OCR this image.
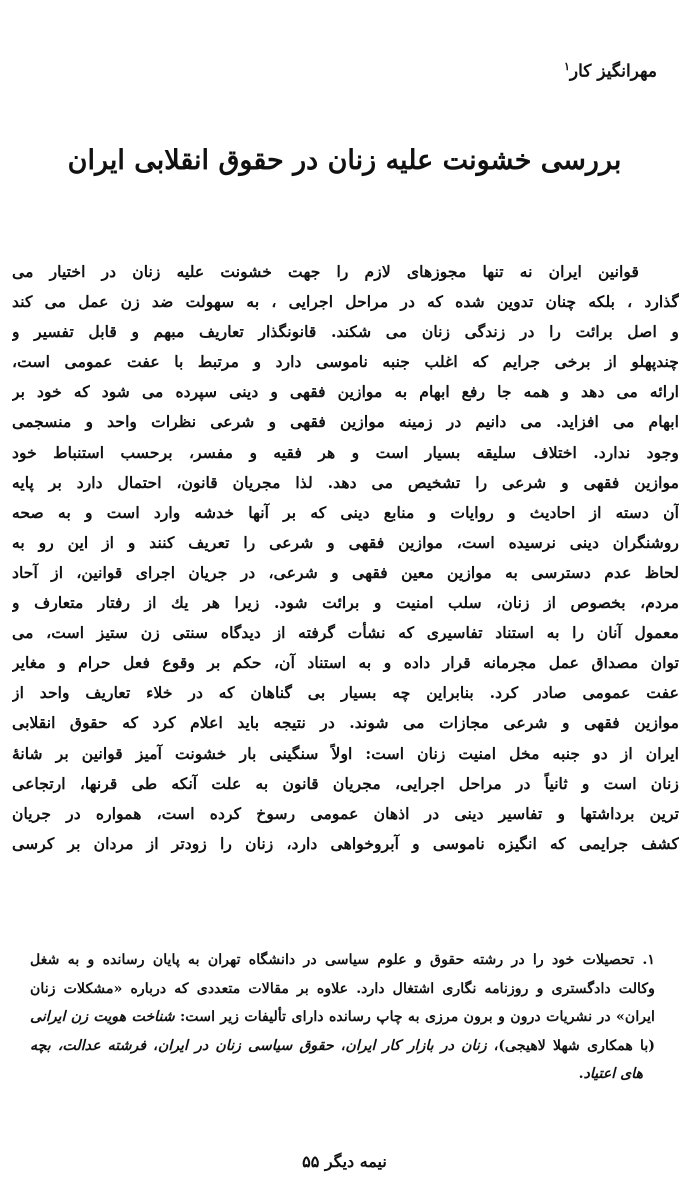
مهرانگیز کار$^۱$
بررسی خشونت علیه زنان در حقوق انقلابی ایران
قوانین ایران نه تنها مجوزهای لازم را جهت خشونت علیه زنان در اختیار می
گذارد ، بلکه چنان تدوین شده که در مراحل اجرایی ، به سهولت ضد زن عمل می کند
و اصل برائت را در زندگی زنان می شکند. قانونگذار تعاریف مبهم و قابل تفسیر و
چندپهلو از برخی جرایم که اغلب جنبه ناموسی دارد و مرتبط با عفت عمومی است،
ارائه می دهد و همه جا رفع ابهام به موازین فقهی و دینی سپرده می شود که خود بر
ابهام می افزاید. می دانیم در زمینه موازین فقهی و شرعی نظرات واحد و منسجمی
وجود ندارد. اختلاف سلیقه بسیار است و هر فقیه و مفسر، برحسب استنباط خود
موازین فقهی و شرعی را تشخیص می دهد. لذا مجریان قانون، احتمال دارد بر پایه
آن دسته از احادیث و روایات و منابع دینی که بر آنها خدشه وارد است و به صحه
روشنگران دینی نرسیده است، موازین فقهی و شرعی را تعریف کنند و از این رو به
لحاظ عدم دسترسی به موازین معین فقهی و شرعی، در جریان اجرای قوانین، از آحاد
مردم، بخصوص از زنان، سلب امنیت و برائت شود. زیرا هر یك از رفتار متعارف و
معمول آنان را به استناد تفاسیری که نشأت گرفته از دیدگاه سنتی زن ستیز است، می
توان مصداق عمل مجرمانه قرار داده و به استناد آن، حکم بر وقوع فعل حرام و مغایر
عفت عمومی صادر کرد. بنابراین چه بسیار بی گناهان که در خلاء تعاریف واحد از
موازین فقهی و شرعی مجازات می شوند. در نتیجه باید اعلام کرد که حقوق انقلابی
ایران از دو جنبه مخل امنیت زنان است: اولاً سنگینی بار خشونت آمیز قوانین بر شانۀ
زنان است و ثانیاً در مراحل اجرایی، مجریان قانون به علت آنکه طی قرنها، ارتجاعی
ترین برداشتها و تفاسیر دینی در اذهان عمومی رسوخ کرده است، همواره در جریان
کشف جرایمی که انگیزه ناموسی و آبروخواهی دارد، زنان را زودتر از مردان بر کرسی
۱. تحصیلات خود را در رشته حقوق و علوم سیاسی در دانشگاه تهران به پایان رسانده و به شغل
وکالت دادگستری و روزنامه نگاری اشتغال دارد. علاوه بر مقالات متعددی که درباره «مشکلات زنان
ایران» در نشریات درون و برون مرزی به چاپ رسانده دارای تألیفات زیر است: شناخت هویت زن ایرانی
(با همکاری شهلا لاهیجی)، زنان در بازار کار ایران، حقوق سیاسی زنان در ایران، فرشته عدالت، بچه
های اعتیاد.
نیمه دیگر ۵۵
